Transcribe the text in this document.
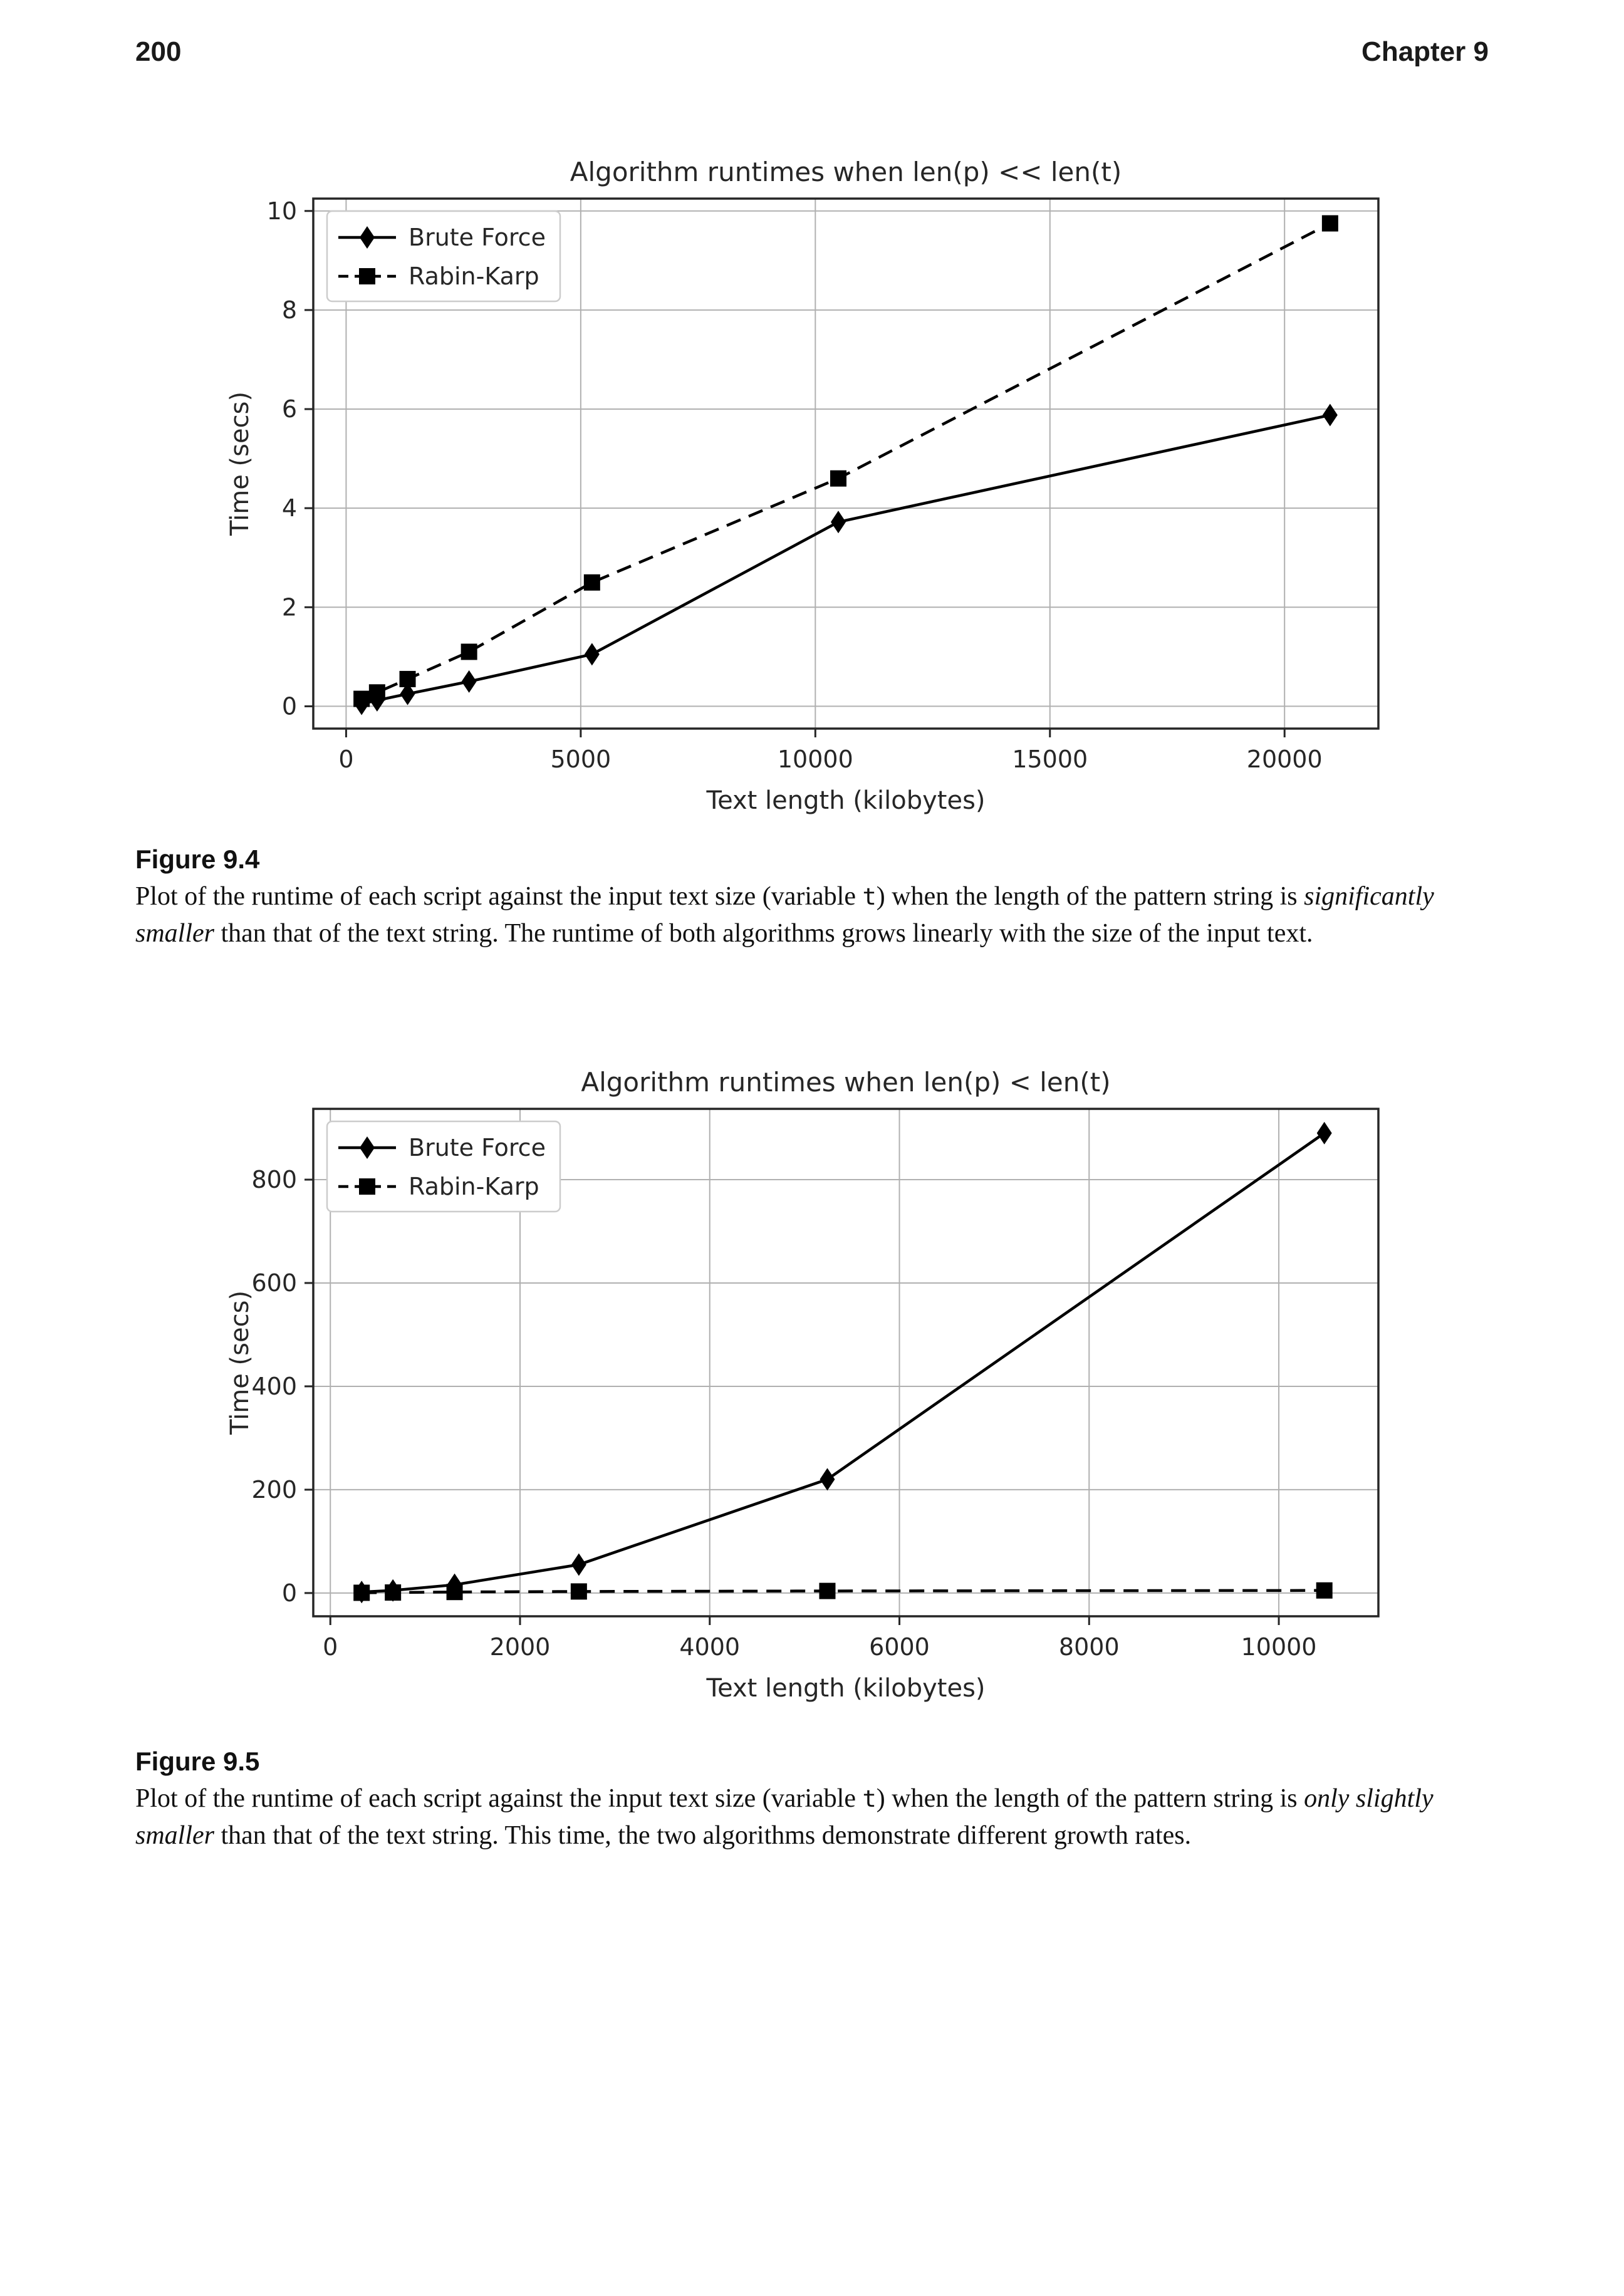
200	Chapter 9
0	5000	10000	15000	20000
0
2
4
6
8
10
Algorithm runtimes when len(p) << len(t)
Text length (kilobytes)
Time (secs)
Brute Force
Rabin-Karp
Figure 9.4

Plot of the runtime of each script against the input text size (variable t) when the length of the pattern string is significantly smaller than that of the text string. The runtime of both algorithms grows linearly with the size of the input text.

0	2000	4000	6000	8000	10000
0
200
400
600
800
Algorithm runtimes when len(p) < len(t)
Text length (kilobytes)
Time (secs)
Brute Force
Rabin-Karp
Figure 9.5

Plot of the runtime of each script against the input text size (variable t) when the length of the pattern string is only slightly smaller than that of the text string. This time, the two algorithms demonstrate different growth rates.
